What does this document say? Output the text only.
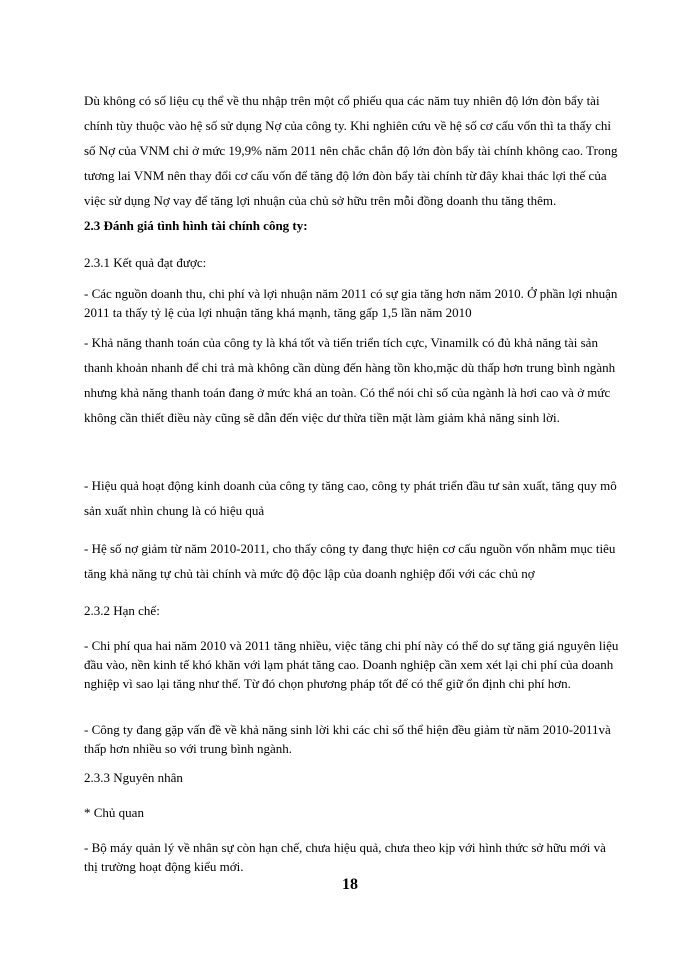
Dù không có số liệu cụ thể về thu nhập trên một cổ phiếu qua các năm tuy nhiên độ lớn đòn bẩy tài chính tùy thuộc vào hệ số sử dụng Nợ của công ty. Khi nghiên cứu về hệ số cơ cấu vốn thì ta thấy chỉ số Nợ của VNM chỉ ở mức 19,9% năm 2011 nên chắc chắn độ lớn đòn bẩy tài chính không cao. Trong tương lai VNM nên thay đổi cơ cấu vốn để tăng độ lớn đòn bẩy tài chính từ đây khai thác lợi thế của việc sử dụng Nợ vay để tăng lợi nhuận của chủ sở hữu trên mỗi đồng doanh thu tăng thêm.
2.3 Đánh giá tình hình tài chính công ty:
2.3.1 Kết quả đạt được:
- Các nguồn doanh thu, chi phí và lợi nhuận năm 2011 có sự gia tăng hơn năm 2010. Ở phần lợi nhuận 2011 ta thấy tỷ lệ của lợi nhuận tăng khá mạnh, tăng gấp 1,5 lần năm 2010
- Khả năng thanh toán của công ty là khá tốt và tiến triển tích cực, Vinamilk có đủ khả năng tài sản thanh khoản nhanh để chi trả mà không cần dùng đến hàng tồn kho,mặc dù thấp hơn trung bình ngành nhưng khả năng thanh toán đang ở mức khá an toàn. Có thể nói chỉ số của ngành là hơi cao và ở mức không cần thiết điều này cũng sẽ dẫn đến việc dư thừa tiền mặt làm giảm khả năng sinh lời.
- Hiệu quả hoạt động kinh doanh của công ty tăng cao, công ty phát triển đầu tư sản xuất, tăng quy mô sản xuất nhìn chung là có hiệu quả
- Hệ số nợ giảm từ năm 2010-2011, cho thấy công ty đang thực hiện cơ cấu nguồn vốn nhằm mục tiêu tăng khả năng tự chủ tài chính và mức độ độc lập của doanh nghiệp đối với các chủ nợ
2.3.2 Hạn chế:
- Chi phí qua hai năm 2010 và 2011 tăng nhiều, việc tăng chi phí này có thể do sự tăng giá nguyên liệu đầu vào, nền kinh tế khó khăn với lạm phát tăng cao. Doanh nghiệp cần xem xét lại chi phí của doanh nghiệp vì sao lại tăng như thế. Từ đó chọn phương pháp tốt để có thể giữ ổn định chi phí hơn.
- Công ty đang gặp vấn đề về khả năng sinh lời khi các chỉ số thể hiện đều giảm từ năm 2010-2011và thấp hơn nhiều so với trung bình ngành.
2.3.3 Nguyên nhân
* Chủ quan
- Bộ máy quản lý về nhân sự còn hạn chế, chưa hiệu quả, chưa theo kịp với hình thức sở hữu mới và thị trường hoạt động kiểu mới.
18
